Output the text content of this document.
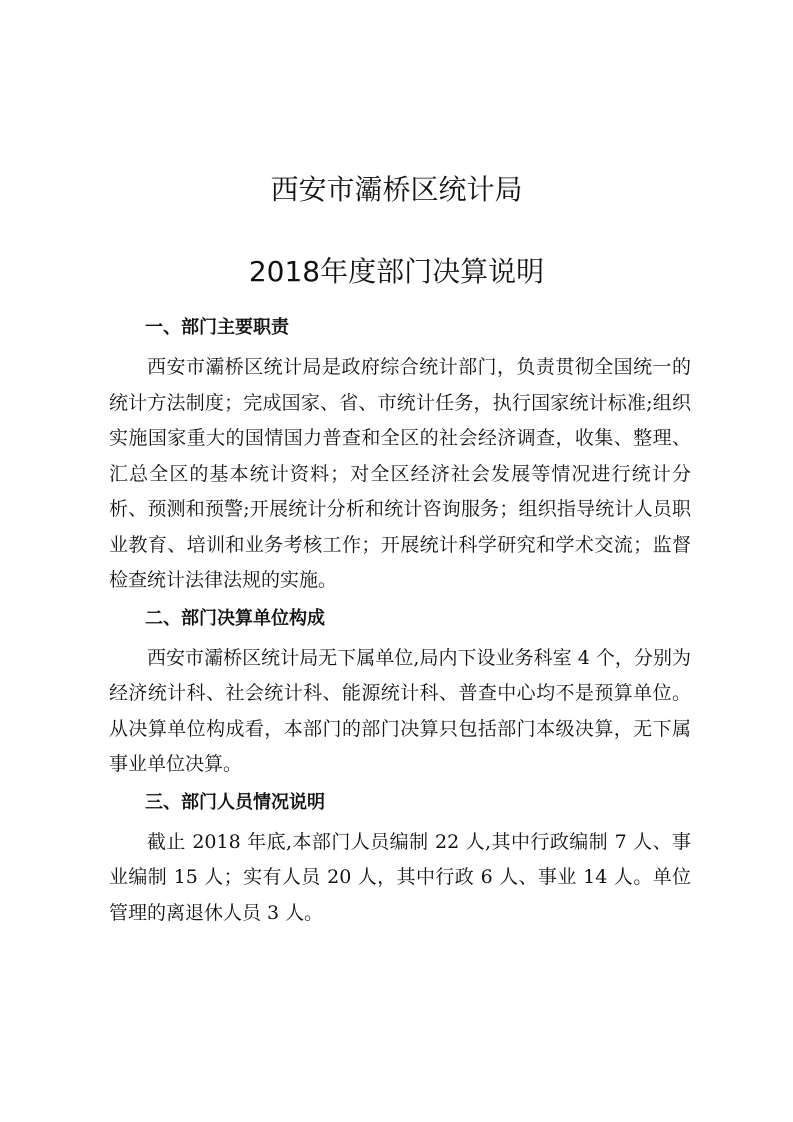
西安市灞桥区统计局
2018年度部门决算说明
一、部门主要职责
西安市灞桥区统计局是政府综合统计部门，负责贯彻全国统一的统计方法制度；完成国家、省、市统计任务，执行国家统计标准;组织实施国家重大的国情国力普查和全区的社会经济调查，收集、整理、汇总全区的基本统计资料；对全区经济社会发展等情况进行统计分析、预测和预警;开展统计分析和统计咨询服务；组织指导统计人员职业教育、培训和业务考核工作；开展统计科学研究和学术交流；监督检查统计法律法规的实施。
二、部门决算单位构成
西安市灞桥区统计局无下属单位,局内下设业务科室 4 个，分别为经济统计科、社会统计科、能源统计科、普查中心均不是预算单位。从决算单位构成看，本部门的部门决算只包括部门本级决算，无下属事业单位决算。
三、部门人员情况说明
截止 2018 年底,本部门人员编制 22 人,其中行政编制 7 人、事业编制 15 人；实有人员 20 人，其中行政 6 人、事业 14 人。单位管理的离退休人员 3 人。
